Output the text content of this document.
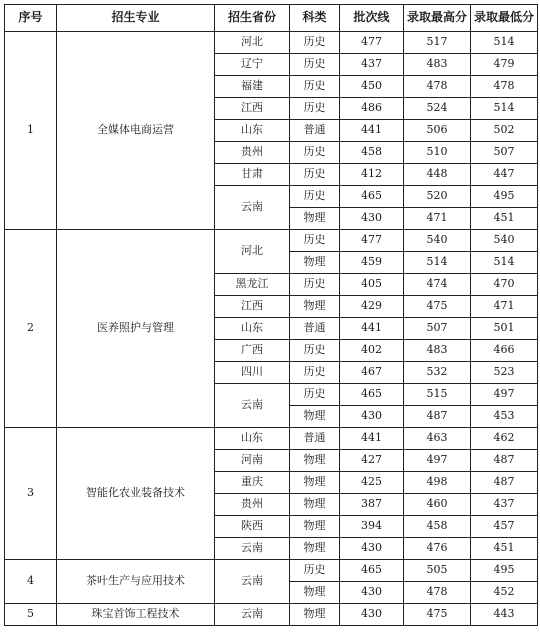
序号	招生专业	招生省份	科类	批次线	录取最高分	录取最低分
1	全媒体电商运营	河北	历史	477	517	514
		辽宁	历史	437	483	479
		福建	历史	450	478	478
		江西	历史	486	524	514
		山东	普通	441	506	502
		贵州	历史	458	510	507
		甘肃	历史	412	448	447
		云南	历史	465	520	495
			物理	430	471	451
2	医养照护与管理	河北	历史	477	540	540
			物理	459	514	514
		黑龙江	历史	405	474	470
		江西	物理	429	475	471
		山东	普通	441	507	501
		广西	历史	402	483	466
		四川	历史	467	532	523
		云南	历史	465	515	497
			物理	430	487	453
3	智能化农业装备技术	山东	普通	441	463	462
		河南	物理	427	497	487
		重庆	物理	425	498	487
		贵州	物理	387	460	437
		陕西	物理	394	458	457
		云南	物理	430	476	451
4	茶叶生产与应用技术	云南	历史	465	505	495
			物理	430	478	452
5	珠宝首饰工程技术	云南	物理	430	475	443
